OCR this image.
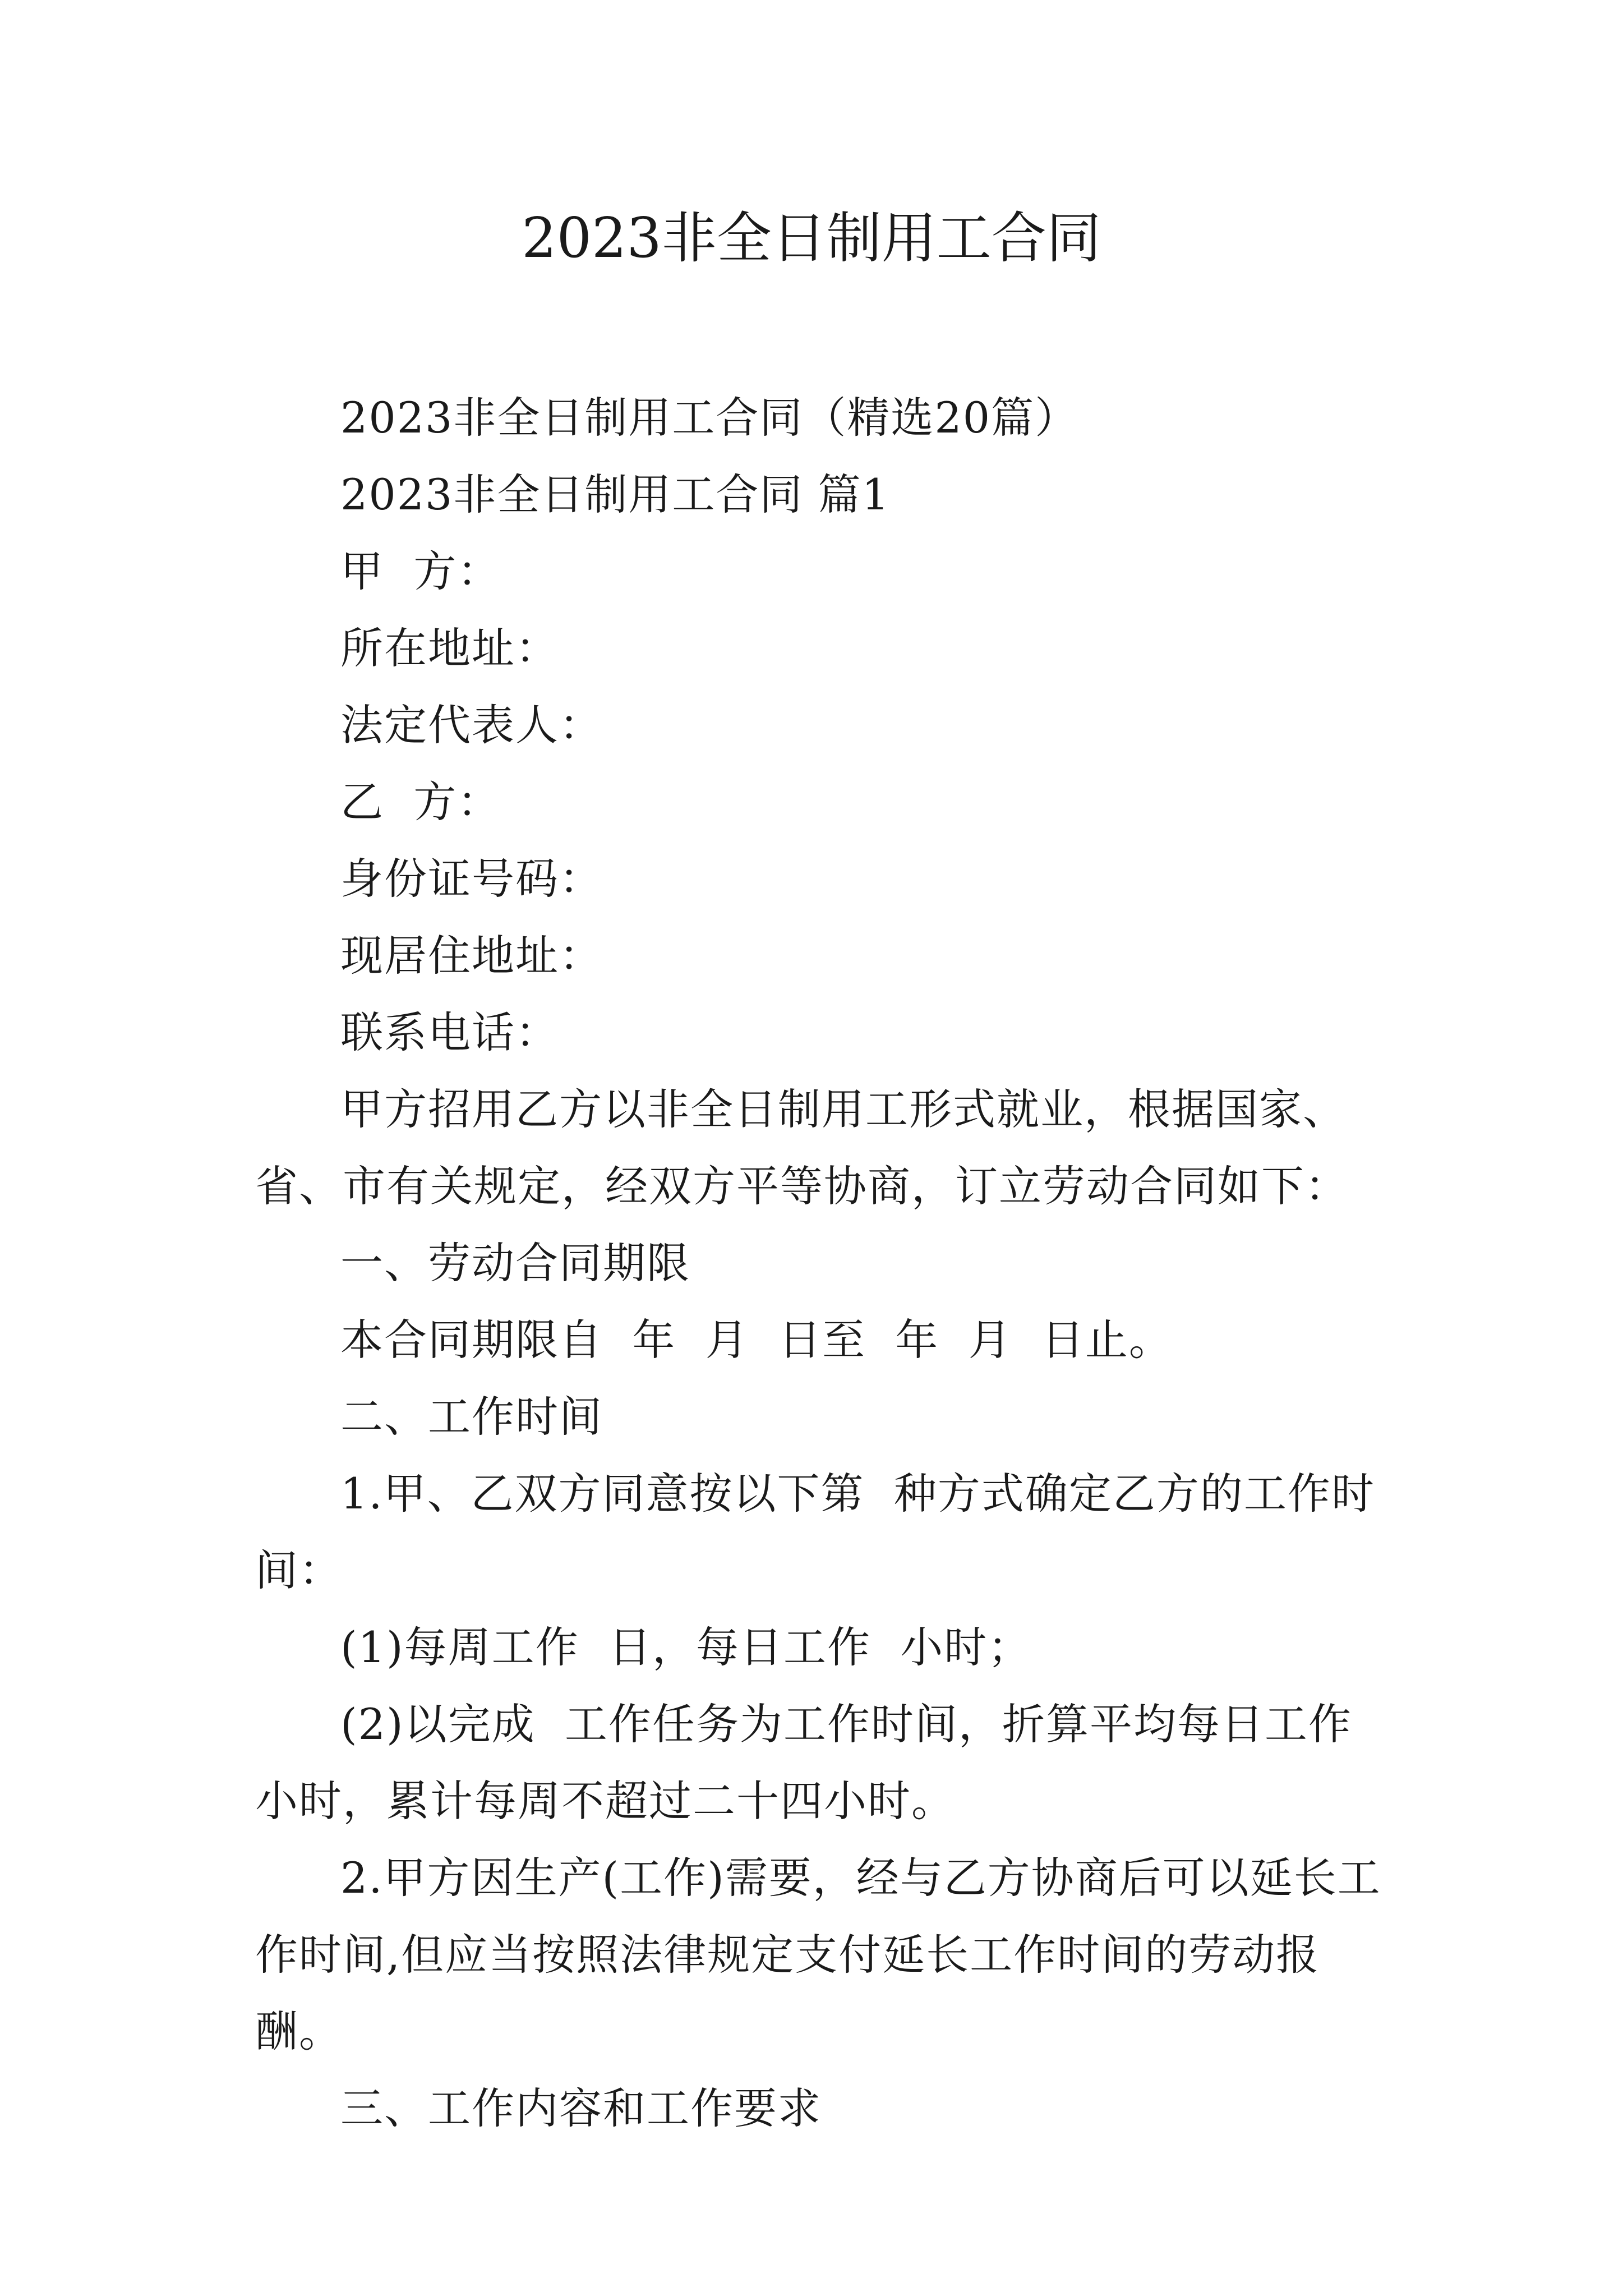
2023非全日制用工合同

2023非全日制用工合同（精选20篇）

2023非全日制用工合同 篇1

甲  方：

所在地址：

法定代表人：

乙  方：

身份证号码：

现居住地址：

联系电话：

甲方招用乙方以非全日制用工形式就业，根据国家、省、市有关规定，经双方平等协商，订立劳动合同如下：

一、劳动合同期限

本合同期限自  年  月  日至  年  月  日止。

二、工作时间

1.甲、乙双方同意按以下第  种方式确定乙方的工作时间：

(1)每周工作  日，每日工作  小时；

(2)以完成  工作任务为工作时间，折算平均每日工作  小时，累计每周不超过二十四小时。

2.甲方因生产(工作)需要，经与乙方协商后可以延长工作时间,但应当按照法律规定支付延长工作时间的劳动报酬。

三、工作内容和工作要求
